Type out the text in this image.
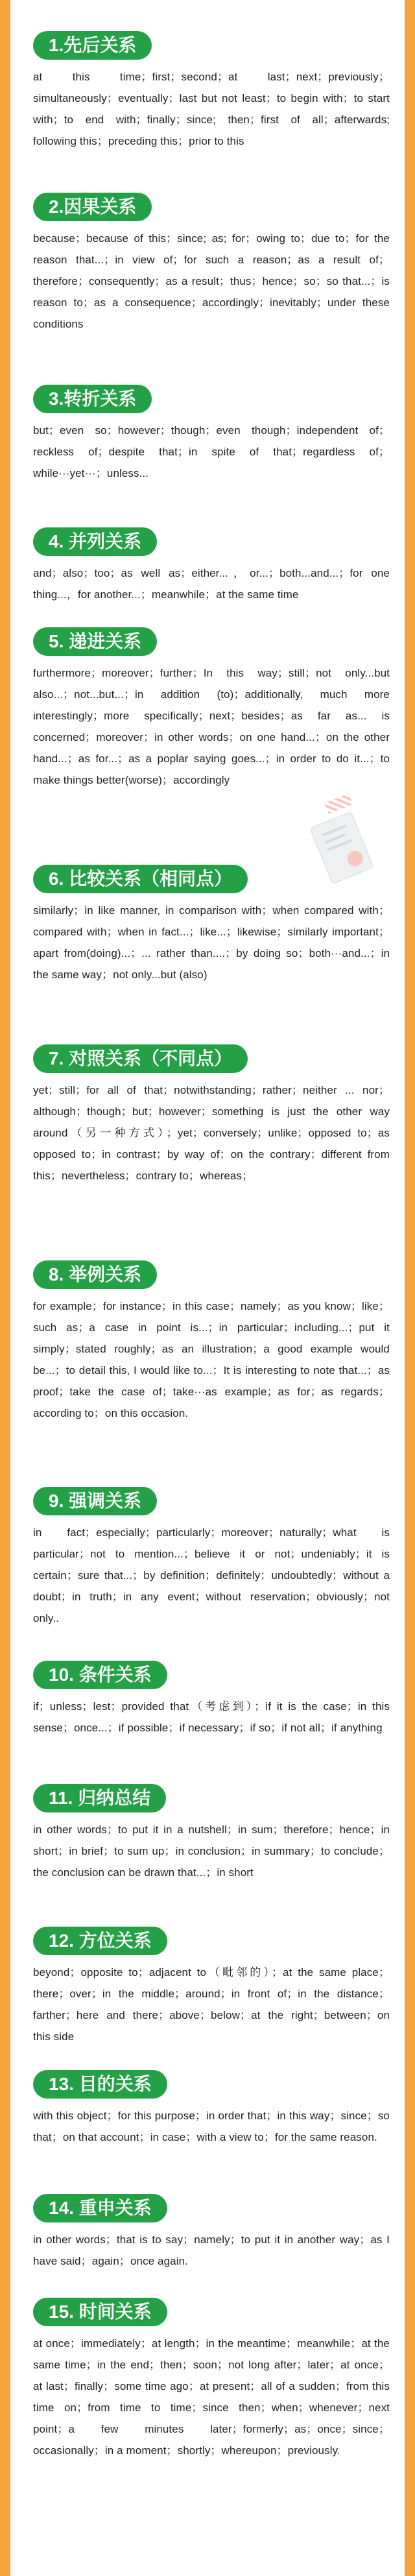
1.先后关系
at this time；first；second；at last；next；previously；simultaneously；eventually；last but not least；to begin with；to start with；to end with；finally；since; then；first of all；afterwards; following this；preceding this；prior to this
2.因果关系
because；because of this；since; as; for；owing to；due to；for the reason that...；in view of；for such a reason；as a result of；therefore；consequently；as a result；thus；hence；so；so that...；is reason to；as a consequence；accordingly；inevitably；under these conditions
3.转折关系
but；even so；however；though；even though；independent of；reckless of；despite that；in spite of that；regardless of；while···yet···；unless...
4. 并列关系
and；also；too；as well as；either...，or...；both...and...；for one thing...，for another...；meanwhile；at the same time
5. 递进关系
furthermore；moreover；further；In this way；still；not only...but also...；not...but...；in addition (to)；additionally, much more interestingly；more specifically；next；besides；as far as... is concerned；moreover；in other words；on one hand...；on the other hand...；as for...；as a poplar saying goes...；in order to do it...；to make things better(worse)；accordingly
6. 比较关系（相同点）
similarly；in like manner, in comparison with；when compared with；compared with；when in fact...；like...；likewise；similarly important；apart from(doing)...；... rather than....；by doing so；both···and...；in the same way；not only...but (also)
7. 对照关系（不同点）
yet；still；for all of that；notwithstanding；rather；neither ... nor；although；though；but；however；something is just the other way around（另一种方式）；yet；conversely；unlike；opposed to；as opposed to；in contrast；by way of；on the contrary；different from this；nevertheless；contrary to；whereas；
8. 举例关系
for example；for instance；in this case；namely；as you know；like；such as；a case in point is...；in particular；including...；put it simply；stated roughly；as an illustration；a good example would be...；to detail this, I would like to...；It is interesting to note that...；as proof；take the case of；take···as example；as for；as regards；according to；on this occasion.
9. 强调关系
in fact；especially；particularly；moreover；naturally；what is particular；not to mention...；believe it or not；undeniably；it is certain；sure that...；by definition；definitely；undoubtedly；without a doubt；in truth；in any event；without reservation；obviously；not only..
10. 条件关系
if；unless；lest；provided that（考虑到）；if it is the case；in this sense；once...；if possible；if necessary；if so；if not all；if anything
11. 归纳总结
in other words；to put it in a nutshell；in sum；therefore；hence；in short；in brief；to sum up；in conclusion；in summary；to conclude；the conclusion can be drawn that...；in short
12. 方位关系
beyond；opposite to；adjacent to（毗邻的）；at the same place；there；over；in the middle；around；in front of；in the distance；farther；here and there；above；below；at the right；between；on this side
13. 目的关系
with this object；for this purpose；in order that；in this way；since；so that；on that account；in case；with a view to；for the same reason.
14. 重申关系
in other words；that is to say；namely；to put it in another way；as I have said；again；once again.
15. 时间关系
at once；immediately；at length；in the meantime；meanwhile；at the same time；in the end；then；soon；not long after；later；at once；at last；finally；some time ago；at present；all of a sudden；from this time on；from time to time；since then；when；whenever；next point；a few minutes later；formerly；as；once；since；occasionally；in a moment；shortly；whereupon；previously.
